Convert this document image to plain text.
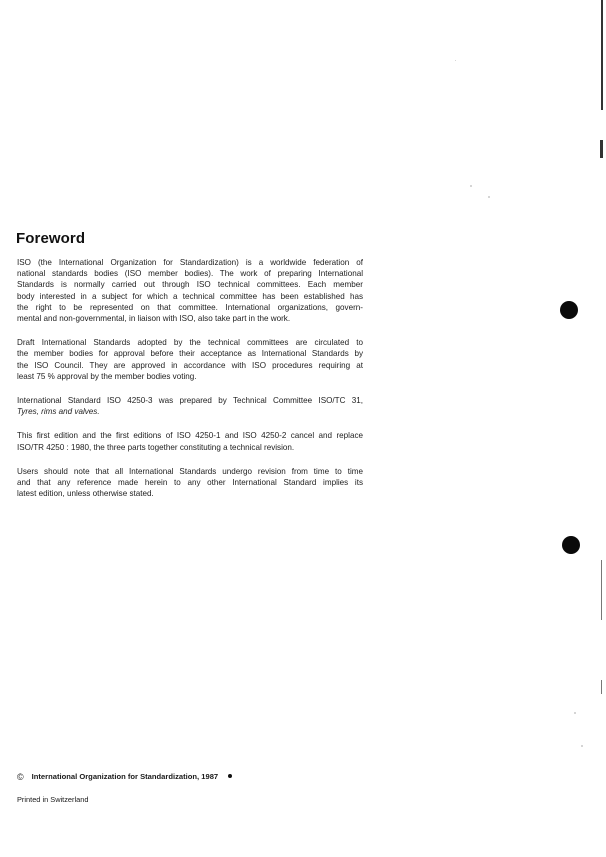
Foreword

ISO (the International Organization for Standardization) is a worldwide federation of
national standards bodies (ISO member bodies). The work of preparing International
Standards is normally carried out through ISO technical committees. Each member
body interested in a subject for which a technical committee has been established has
the right to be represented on that committee. International organizations, govern-
mental and non-governmental, in liaison with ISO, also take part in the work.

Draft International Standards adopted by the technical committees are circulated to
the member bodies for approval before their acceptance as International Standards by
the ISO Council. They are approved in accordance with ISO procedures requiring at
least 75 % approval by the member bodies voting.

International Standard ISO 4250-3 was prepared by Technical Committee ISO/TC 31,
Tyres, rims and valves.

This first edition and the first editions of ISO 4250-1 and ISO 4250-2 cancel and replace
ISO/TR 4250 : 1980, the three parts together constituting a technical revision.

Users should note that all International Standards undergo revision from time to time
and that any reference made herein to any other International Standard implies its
latest edition, unless otherwise stated.

© International Organization for Standardization, 1987
Printed in Switzerland
